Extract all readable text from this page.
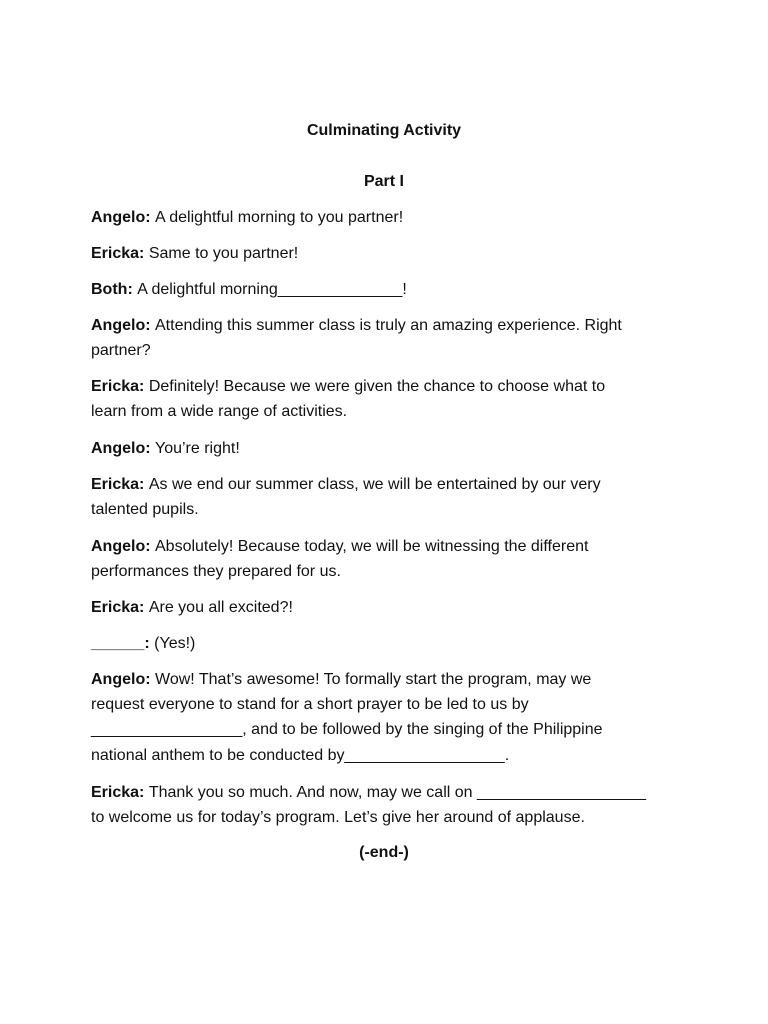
Culminating Activity
Part I
Angelo: A delightful morning to you partner!
Ericka: Same to you partner!
Both: A delightful morning______________!
Angelo: Attending this summer class is truly an amazing experience. Right
partner?
Ericka: Definitely! Because we were given the chance to choose what to
learn from a wide range of activities.
Angelo: You’re right!
Ericka: As we end our summer class, we will be entertained by our very
talented pupils.
Angelo: Absolutely! Because today, we will be witnessing the different
performances they prepared for us.
Ericka: Are you all excited?!
______: (Yes!)
Angelo: Wow! That’s awesome! To formally start the program, may we
request everyone to stand for a short prayer to be led to us by
_________________, and to be followed by the singing of the Philippine
national anthem to be conducted by__________________.
Ericka: Thank you so much. And now, may we call on ___________________
to welcome us for today’s program. Let’s give her around of applause.
(-end-)
